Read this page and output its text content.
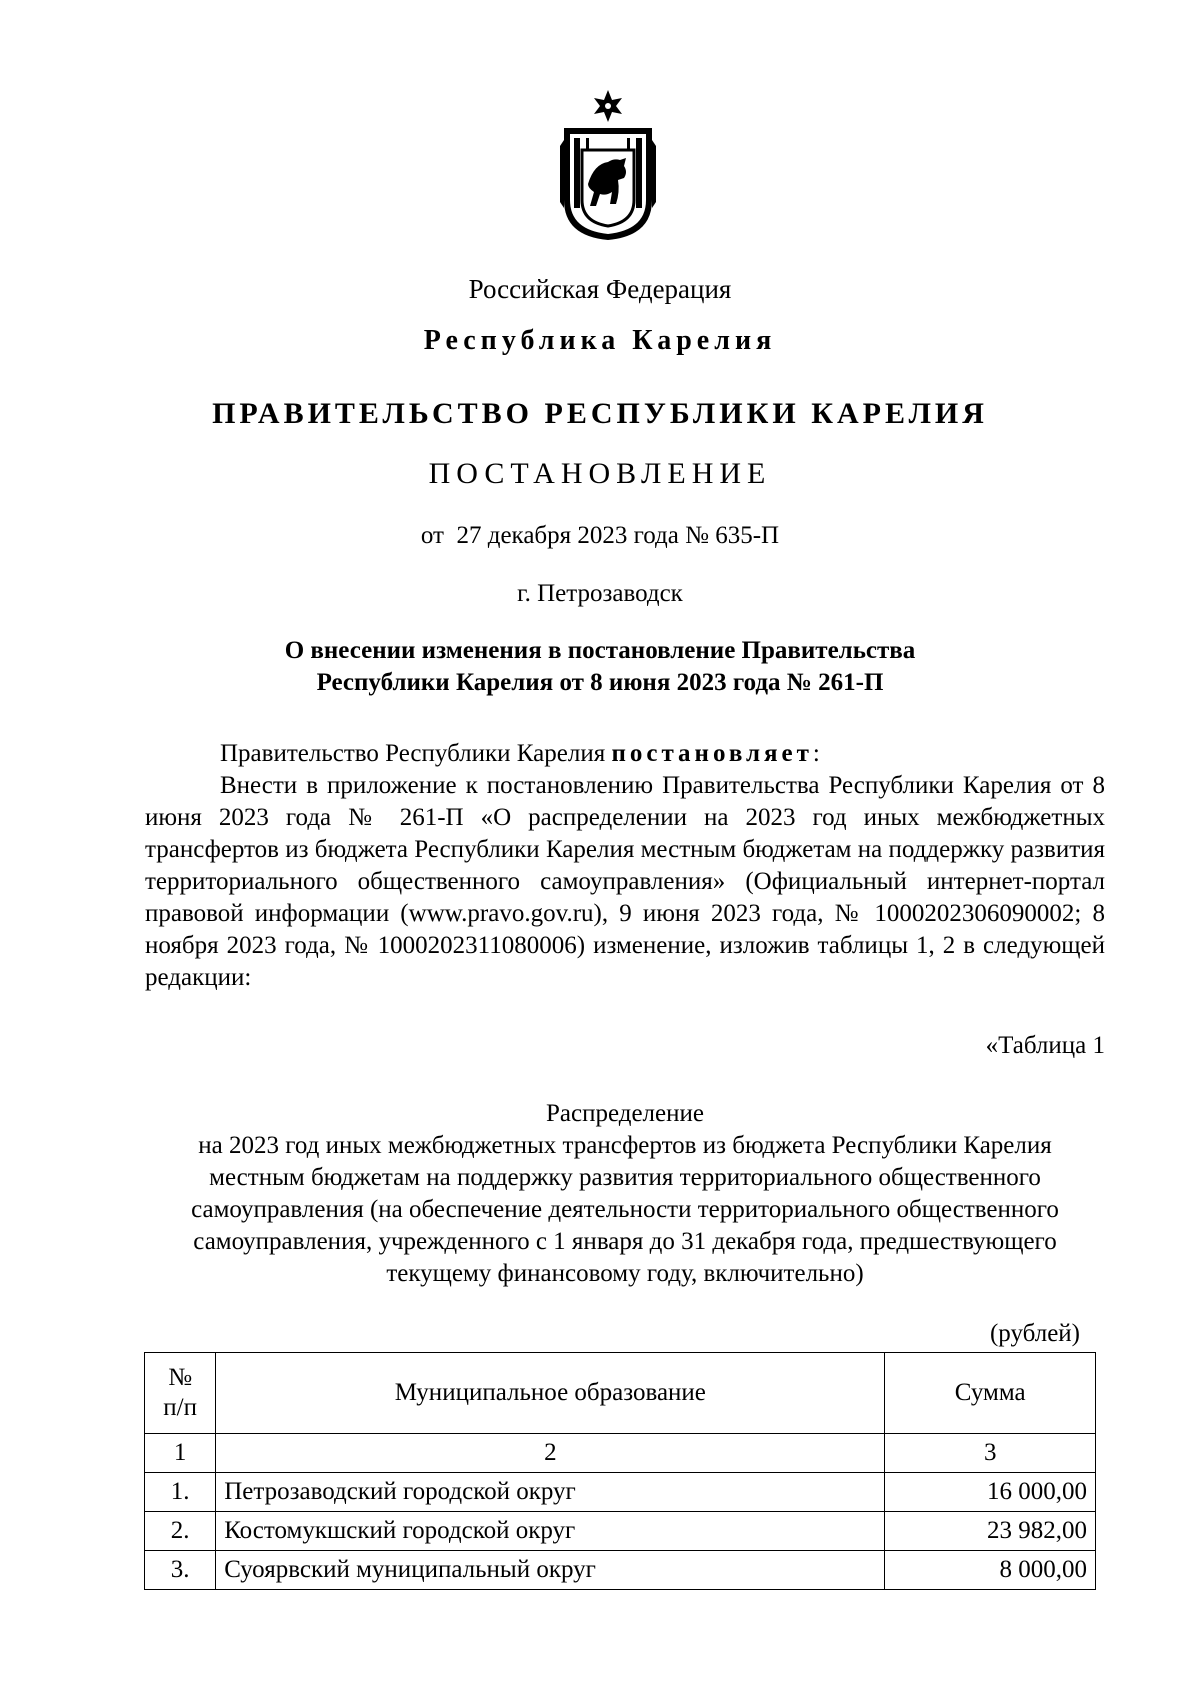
Российская Федерация
Республика Карелия
ПРАВИТЕЛЬСТВО РЕСПУБЛИКИ КАРЕЛИЯ
ПОСТАНОВЛЕНИЕ
от  27 декабря 2023 года № 635-П
г. Петрозаводск
О внесении изменения в постановление Правительства Республики Карелия от 8 июня 2023 года № 261-П
Правительство Республики Карелия постановляет:

Внести в приложение к постановлению Правительства Республики Карелия от 8 июня 2023 года № 261-П «О распределении на 2023 год иных межбюджетных трансфертов из бюджета Республики Карелия местным бюджетам на поддержку развития территориального общественного самоуправления» (Официальный интернет-портал правовой информации (www.pravo.gov.ru), 9 июня 2023 года, № 1000202306090002; 8 ноября 2023 года, № 1000202311080006) изменение, изложив таблицы 1, 2 в следующей редакции:

«Таблица 1
Распределение
на 2023 год иных межбюджетных трансфертов из бюджета Республики Карелия местным бюджетам на поддержку развития территориального общественного самоуправления (на обеспечение деятельности территориального общественного самоуправления, учрежденного с 1 января до 31 декабря года, предшествующего текущему финансовому году, включительно)
(рублей)
№ п/п	Муниципальное образование	Сумма
1	2	3
1.	Петрозаводский городской округ	16 000,00
2.	Костомукшский городской округ	23 982,00
3.	Суоярвский муниципальный округ	8 000,00
